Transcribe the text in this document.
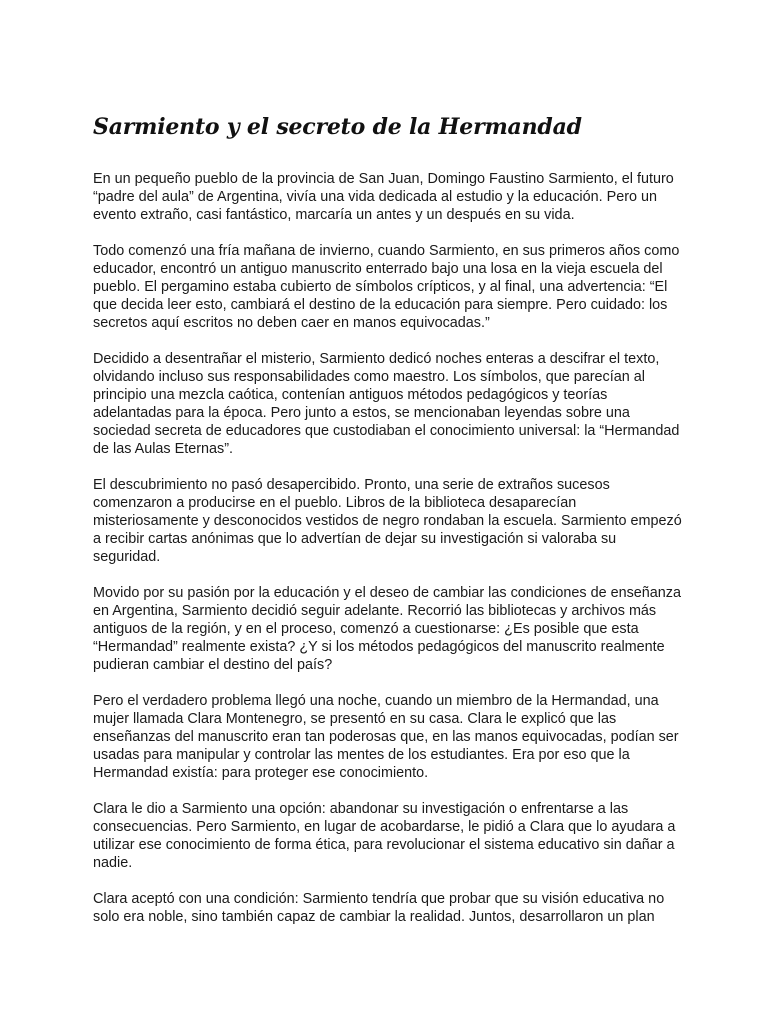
Sarmiento y el secreto de la Hermandad

En un pequeño pueblo de la provincia de San Juan, Domingo Faustino Sarmiento, el futuro
“padre del aula” de Argentina, vivía una vida dedicada al estudio y la educación. Pero un
evento extraño, casi fantástico, marcaría un antes y un después en su vida.

Todo comenzó una fría mañana de invierno, cuando Sarmiento, en sus primeros años como
educador, encontró un antiguo manuscrito enterrado bajo una losa en la vieja escuela del
pueblo. El pergamino estaba cubierto de símbolos crípticos, y al final, una advertencia: “El
que decida leer esto, cambiará el destino de la educación para siempre. Pero cuidado: los
secretos aquí escritos no deben caer en manos equivocadas.”

Decidido a desentrañar el misterio, Sarmiento dedicó noches enteras a descifrar el texto,
olvidando incluso sus responsabilidades como maestro. Los símbolos, que parecían al
principio una mezcla caótica, contenían antiguos métodos pedagógicos y teorías
adelantadas para la época. Pero junto a estos, se mencionaban leyendas sobre una
sociedad secreta de educadores que custodiaban el conocimiento universal: la “Hermandad
de las Aulas Eternas”.

El descubrimiento no pasó desapercibido. Pronto, una serie de extraños sucesos
comenzaron a producirse en el pueblo. Libros de la biblioteca desaparecían
misteriosamente y desconocidos vestidos de negro rondaban la escuela. Sarmiento empezó
a recibir cartas anónimas que lo advertían de dejar su investigación si valoraba su
seguridad.

Movido por su pasión por la educación y el deseo de cambiar las condiciones de enseñanza
en Argentina, Sarmiento decidió seguir adelante. Recorrió las bibliotecas y archivos más
antiguos de la región, y en el proceso, comenzó a cuestionarse: ¿Es posible que esta
“Hermandad” realmente exista? ¿Y si los métodos pedagógicos del manuscrito realmente
pudieran cambiar el destino del país?

Pero el verdadero problema llegó una noche, cuando un miembro de la Hermandad, una
mujer llamada Clara Montenegro, se presentó en su casa. Clara le explicó que las
enseñanzas del manuscrito eran tan poderosas que, en las manos equivocadas, podían ser
usadas para manipular y controlar las mentes de los estudiantes. Era por eso que la
Hermandad existía: para proteger ese conocimiento.

Clara le dio a Sarmiento una opción: abandonar su investigación o enfrentarse a las
consecuencias. Pero Sarmiento, en lugar de acobardarse, le pidió a Clara que lo ayudara a
utilizar ese conocimiento de forma ética, para revolucionar el sistema educativo sin dañar a
nadie.

Clara aceptó con una condición: Sarmiento tendría que probar que su visión educativa no
solo era noble, sino también capaz de cambiar la realidad. Juntos, desarrollaron un plan
